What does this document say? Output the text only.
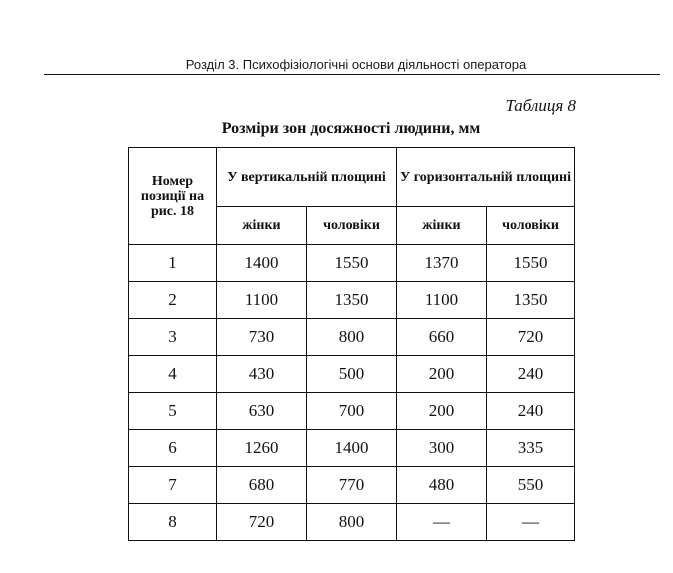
Розділ 3. Психофізіологічні основи діяльності оператора
Таблиця 8
Розміри зон досяжності людини, мм
Номер позиції на рис. 18	У вертикальній площині		У горизонтальній площині	
	жінки	чоловіки	жінки	чоловіки
1	1400	1550	1370	1550
2	1100	1350	1100	1350
3	730	800	660	720
4	430	500	200	240
5	630	700	200	240
6	1260	1400	300	335
7	680	770	480	550
8	720	800	—	—
